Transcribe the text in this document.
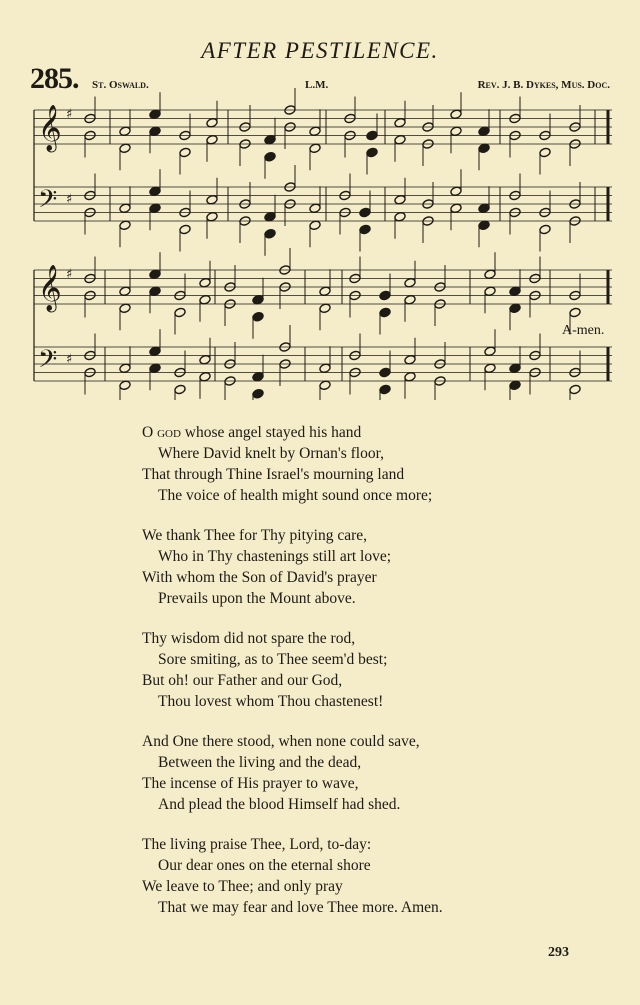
AFTER PESTILENCE.
285. St. Oswald.	L.M.	Rev. J. B. Dykes, Mus. Doc.
𝄞 ♯
𝄢 ♯
𝄞 ♯
𝄢 ♯
A-men.
O god whose angel stayed his hand
Where David knelt by Ornan's floor,
That through Thine Israel's mourning land
The voice of health might sound once more;
We thank Thee for Thy pitying care,
Who in Thy chastenings still art love;
With whom the Son of David's prayer
Prevails upon the Mount above.
Thy wisdom did not spare the rod,
Sore smiting, as to Thee seem'd best;
But oh! our Father and our God,
Thou lovest whom Thou chastenest!
And One there stood, when none could save,
Between the living and the dead,
The incense of His prayer to wave,
And plead the blood Himself had shed.
The living praise Thee, Lord, to-day:
Our dear ones on the eternal shore
We leave to Thee; and only pray
That we may fear and love Thee more. Amen.
293
